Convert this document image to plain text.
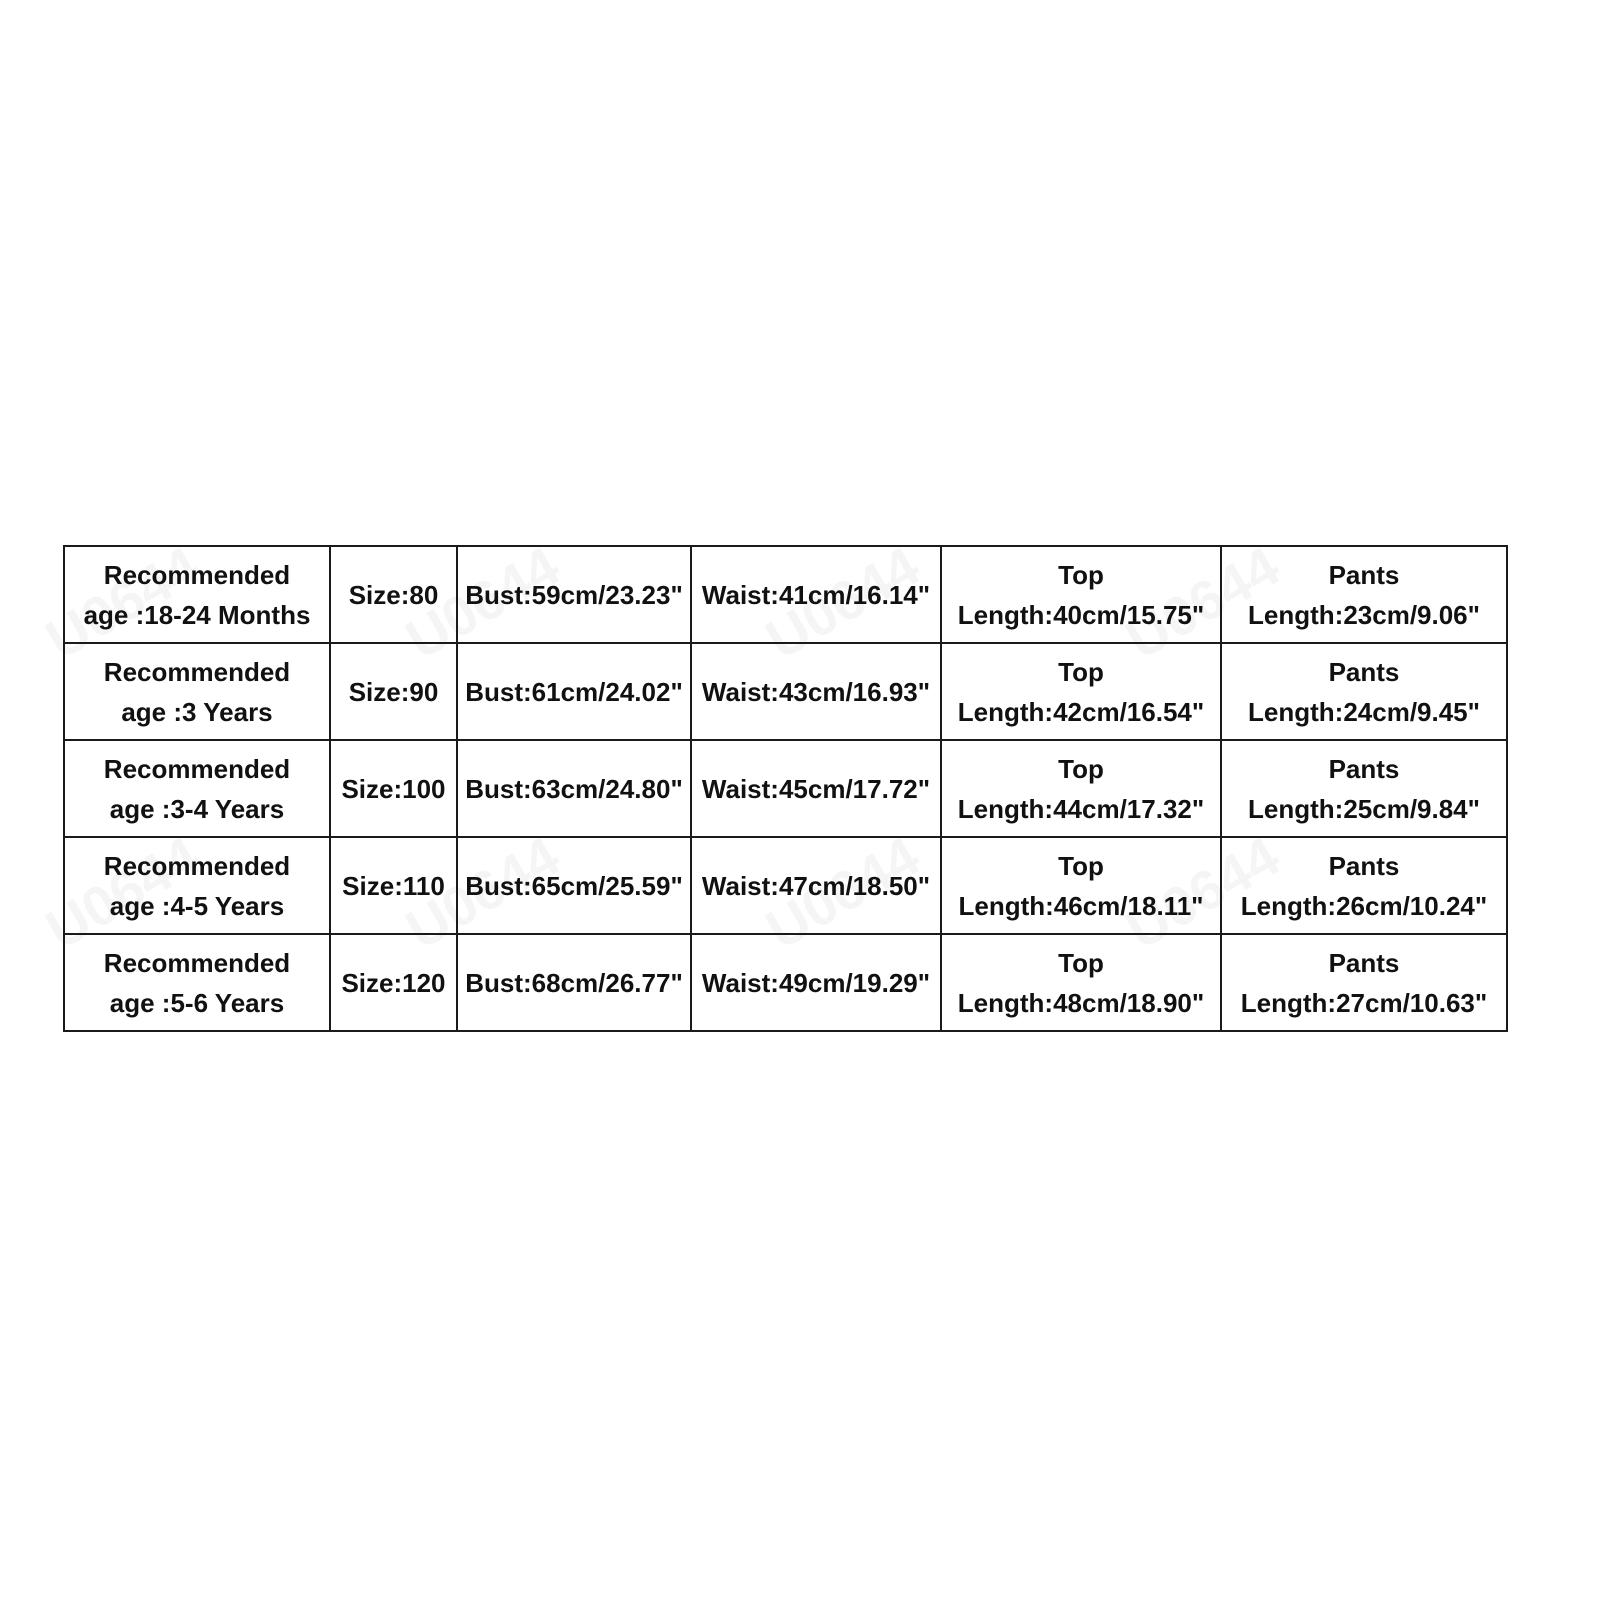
Recommended
age :18-24 Months	Size:80	Bust:59cm/23.23"	Waist:41cm/16.14"	Top
Length:40cm/15.75"	Pants
Length:23cm/9.06"
Recommended
age :3 Years	Size:90	Bust:61cm/24.02"	Waist:43cm/16.93"	Top
Length:42cm/16.54"	Pants
Length:24cm/9.45"
Recommended
age :3-4 Years	Size:100	Bust:63cm/24.80"	Waist:45cm/17.72"	Top
Length:44cm/17.32"	Pants
Length:25cm/9.84"
Recommended
age :4-5 Years	Size:110	Bust:65cm/25.59"	Waist:47cm/18.50"	Top
Length:46cm/18.11"	Pants
Length:26cm/10.24"
Recommended
age :5-6 Years	Size:120	Bust:68cm/26.77"	Waist:49cm/19.29"	Top
Length:48cm/18.90"	Pants
Length:27cm/10.63"
